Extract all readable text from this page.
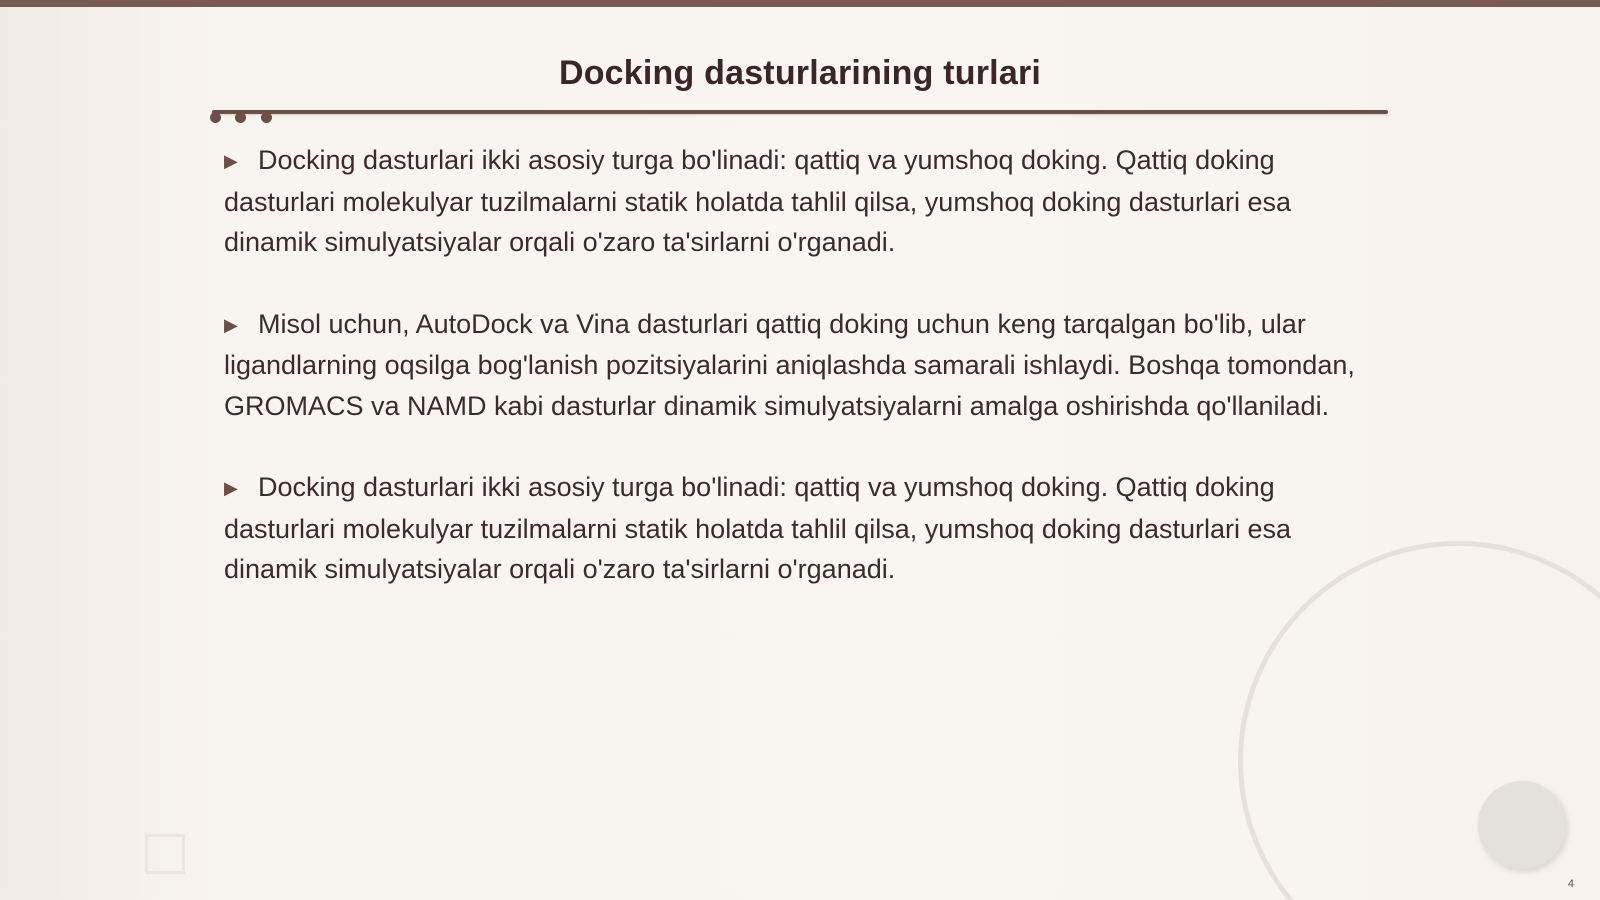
Docking dasturlarining turlari

▶ Docking dasturlari ikki asosiy turga bo'linadi: qattiq va yumshoq doking. Qattiq doking dasturlari molekulyar tuzilmalarni statik holatda tahlil qilsa, yumshoq doking dasturlari esa dinamik simulyatsiyalar orqali o'zaro ta'sirlarni o'rganadi.

▶ Misol uchun, AutoDock va Vina dasturlari qattiq doking uchun keng tarqalgan bo'lib, ular ligandlarning oqsilga bog'lanish pozitsiyalarini aniqlashda samarali ishlaydi. Boshqa tomondan, GROMACS va NAMD kabi dasturlar dinamik simulyatsiyalarni amalga oshirishda qo'llaniladi.

▶ Docking dasturlari ikki asosiy turga bo'linadi: qattiq va yumshoq doking. Qattiq doking dasturlari molekulyar tuzilmalarni statik holatda tahlil qilsa, yumshoq doking dasturlari esa dinamik simulyatsiyalar orqali o'zaro ta'sirlarni o'rganadi.

4
